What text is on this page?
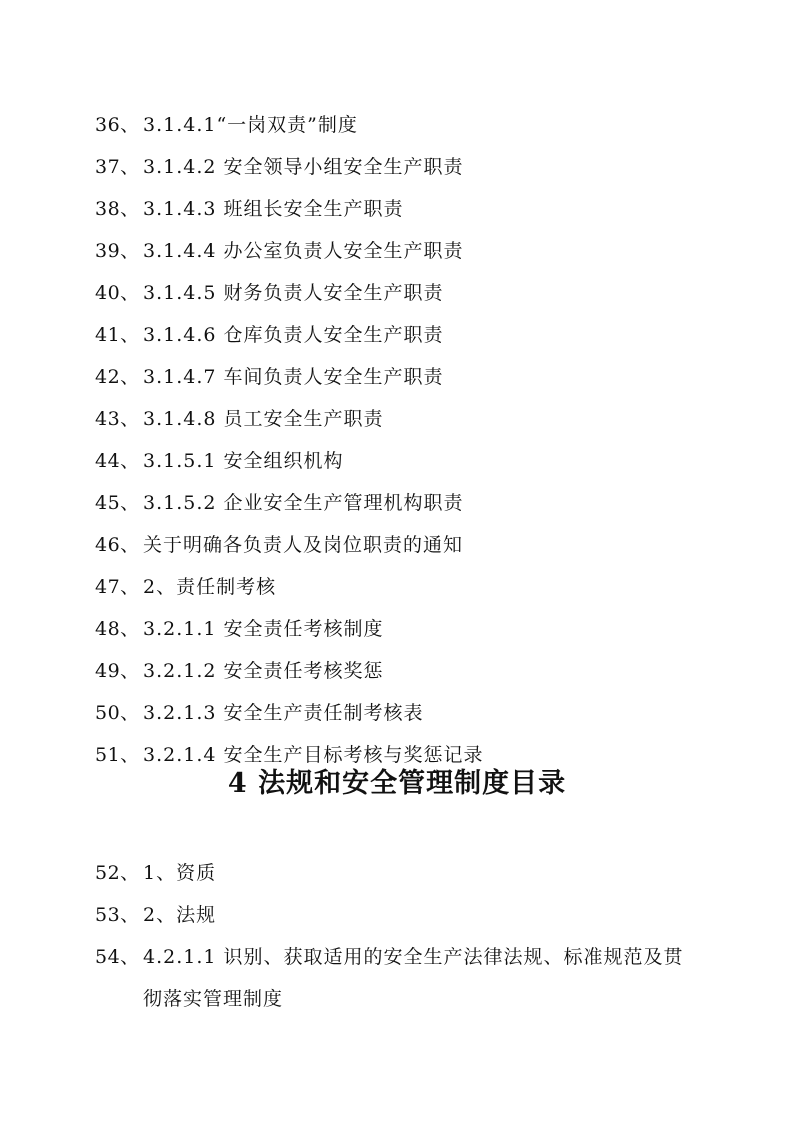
36、 3.1.4.1“一岗双责”制度
37、 3.1.4.2 安全领导小组安全生产职责
38、 3.1.4.3 班组长安全生产职责
39、 3.1.4.4 办公室负责人安全生产职责
40、 3.1.4.5 财务负责人安全生产职责
41、 3.1.4.6 仓库负责人安全生产职责
42、 3.1.4.7 车间负责人安全生产职责
43、 3.1.4.8 员工安全生产职责
44、 3.1.5.1 安全组织机构
45、 3.1.5.2 企业安全生产管理机构职责
46、 关于明确各负责人及岗位职责的通知
47、 2、责任制考核
48、 3.2.1.1 安全责任考核制度
49、 3.2.1.2 安全责任考核奖惩
50、 3.2.1.3 安全生产责任制考核表
51、 3.2.1.4 安全生产目标考核与奖惩记录
4 法规和安全管理制度目录
52、 1、资质
53、 2、法规
54、 4.2.1.1 识别、获取适用的安全生产法律法规、标准规范及贯彻落实管理制度
